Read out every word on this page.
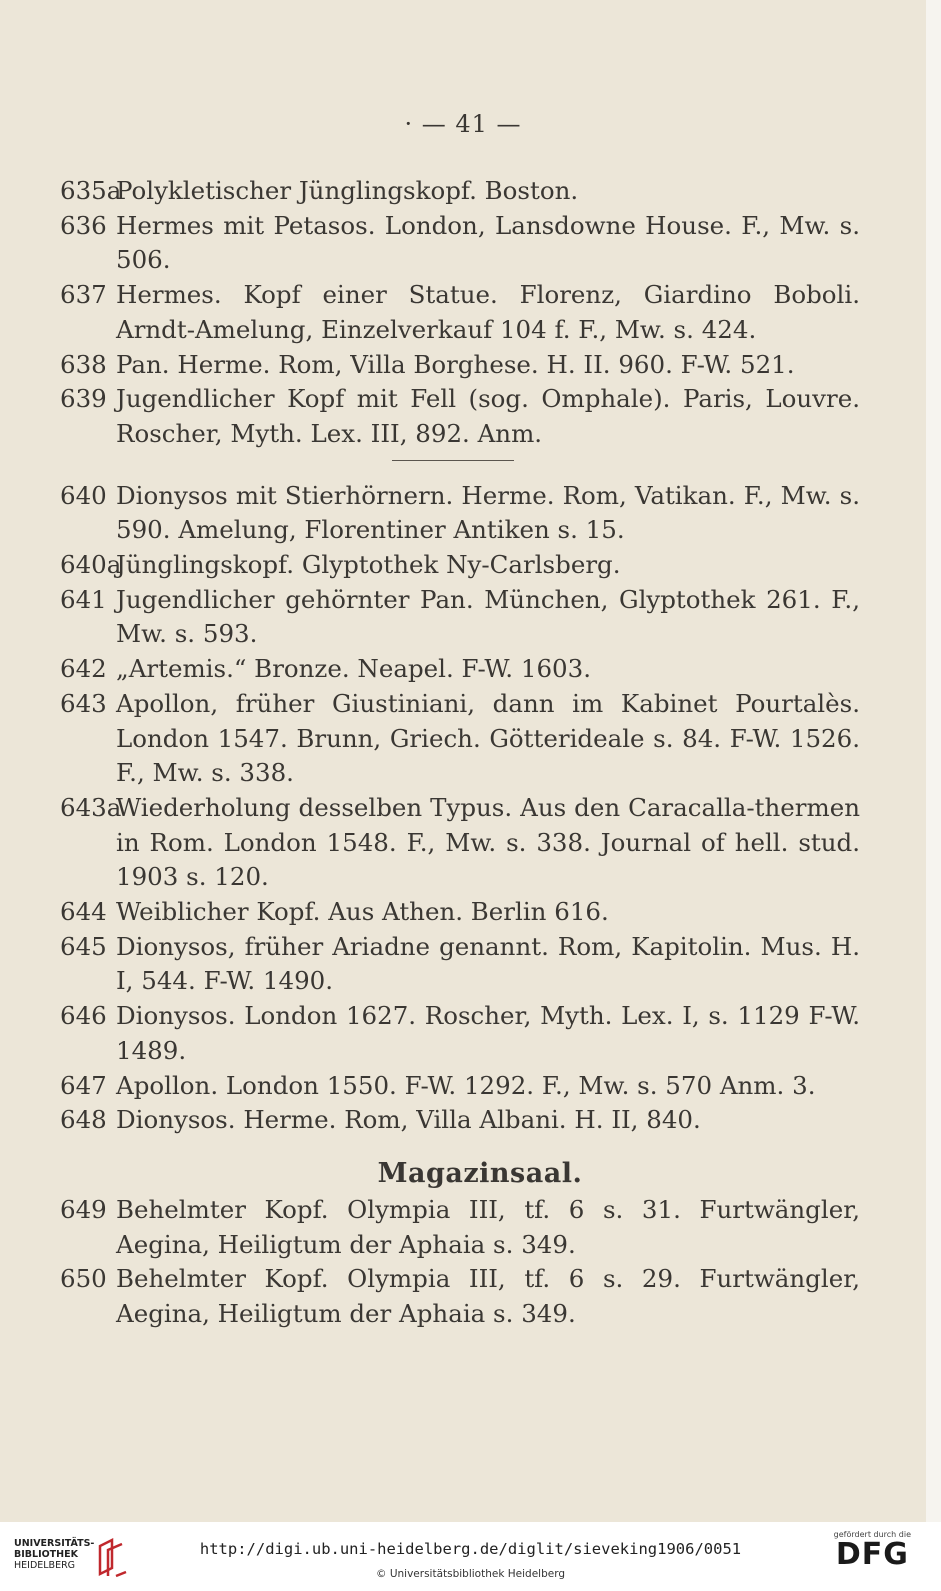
· — 41 —
635a
Polykletischer Jünglingskopf. Boston.
636 Hermes mit Petasos. London, Lansdowne House. F., Mw. s. 506.
637 Hermes. Kopf einer Statue. Florenz, Giardino Boboli. Arndt-Amelung, Einzelverkauf 104 f. F., Mw. s. 424.
638 Pan. Herme. Rom, Villa Borghese. H. II. 960. F-W. 521.
639 Jugendlicher Kopf mit Fell (sog. Omphale). Paris, Louvre. Roscher, Myth. Lex. III, 892. Anm.
640 Dionysos mit Stierhörnern. Herme. Rom, Vatikan. F., Mw. s. 590. Amelung, Florentiner Antiken s. 15.
640a
Jünglingskopf. Glyptothek Ny-Carlsberg.
641 Jugendlicher gehörnter Pan. München, Glyptothek 261. F., Mw. s. 593.
642 „Artemis.“ Bronze. Neapel. F-W. 1603.
643 Apollon, früher Giustiniani, dann im Kabinet Pourtalès. London 1547. Brunn, Griech. Götterideale s. 84. F-W. 1526. F., Mw. s. 338.
643a
Wiederholung desselben Typus. Aus den Caracalla-thermen in Rom. London 1548. F., Mw. s. 338. Journal of hell. stud. 1903 s. 120.
644 Weiblicher Kopf. Aus Athen. Berlin 616.
645 Dionysos, früher Ariadne genannt. Rom, Kapitolin. Mus. H. I, 544. F-W. 1490.
646 Dionysos. London 1627. Roscher, Myth. Lex. I, s. 1129 F-W. 1489.
647 Apollon. London 1550. F-W. 1292. F., Mw. s. 570 Anm. 3.
648 Dionysos. Herme. Rom, Villa Albani. H. II, 840.
Magazinsaal.
649 Behelmter Kopf. Olympia III, tf. 6 s. 31. Furtwängler, Aegina, Heiligtum der Aphaia s. 349.
650 Behelmter Kopf. Olympia III, tf. 6 s. 29. Furtwängler, Aegina, Heiligtum der Aphaia s. 349.
UNIVERSITÄTS-
BIBLIOTHEK
HEIDELBERG
http://digi.ub.uni-heidelberg.de/diglit/sieveking1906/0051
© Universitätsbibliothek Heidelberg
gefördert durch die
DFG
